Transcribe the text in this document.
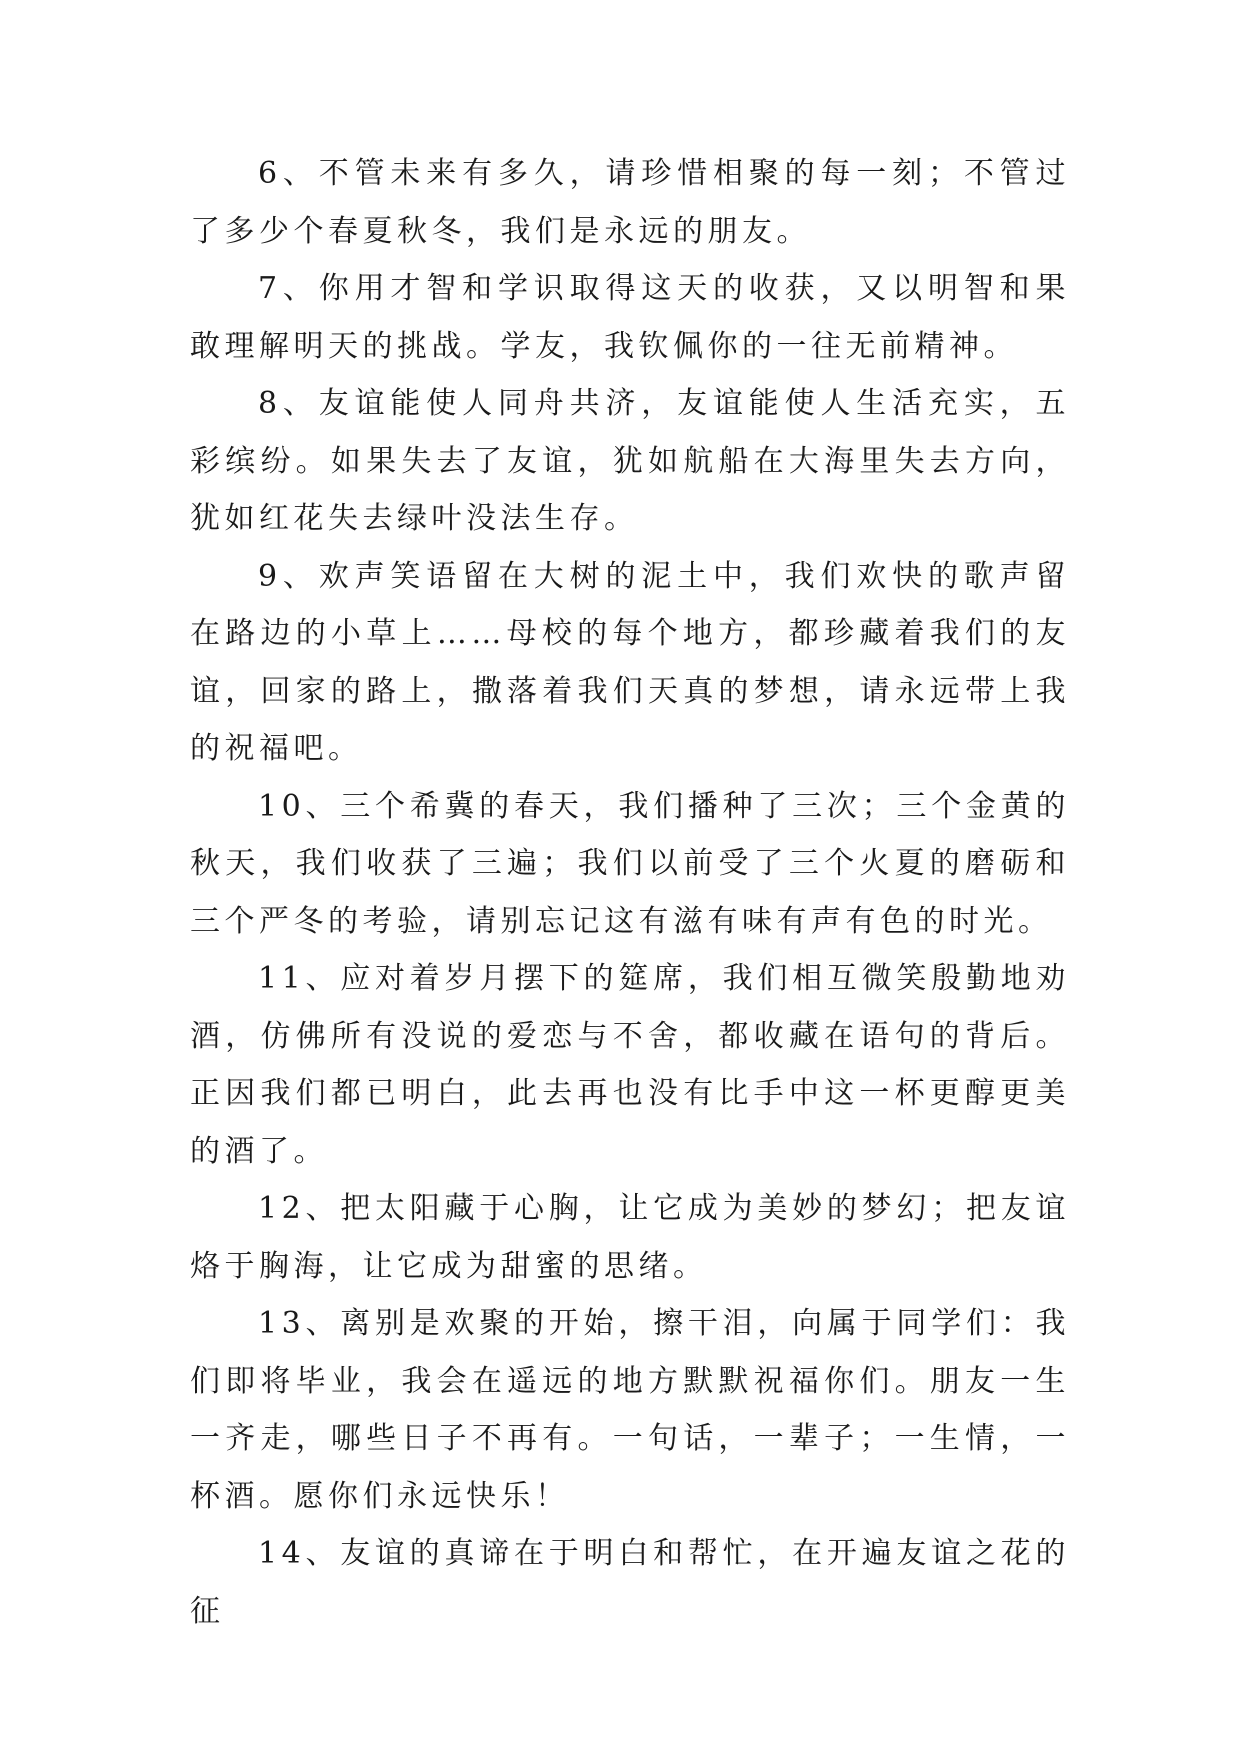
6、不管未来有多久，请珍惜相聚的每一刻；不管过了多少个春夏秋冬，我们是永远的朋友。

7、你用才智和学识取得这天的收获，又以明智和果敢理解明天的挑战。学友，我钦佩你的一往无前精神。

8、友谊能使人同舟共济，友谊能使人生活充实，五彩缤纷。如果失去了友谊，犹如航船在大海里失去方向，犹如红花失去绿叶没法生存。

9、欢声笑语留在大树的泥土中，我们欢快的歌声留在路边的小草上……母校的每个地方，都珍藏着我们的友谊，回家的路上，撒落着我们天真的梦想，请永远带上我的祝福吧。

10、三个希冀的春天，我们播种了三次；三个金黄的秋天，我们收获了三遍；我们以前受了三个火夏的磨砺和三个严冬的考验，请别忘记这有滋有味有声有色的时光。

11、应对着岁月摆下的筵席，我们相互微笑殷勤地劝酒，仿佛所有没说的爱恋与不舍，都收藏在语句的背后。正因我们都已明白，此去再也没有比手中这一杯更醇更美的酒了。

12、把太阳藏于心胸，让它成为美妙的梦幻；把友谊烙于胸海，让它成为甜蜜的思绪。

13、离别是欢聚的开始，擦干泪，向属于同学们：我们即将毕业，我会在遥远的地方默默祝福你们。朋友一生一齐走，哪些日子不再有。一句话，一辈子；一生情，一杯酒。愿你们永远快乐！

14、友谊的真谛在于明白和帮忙，在开遍友谊之花的征
